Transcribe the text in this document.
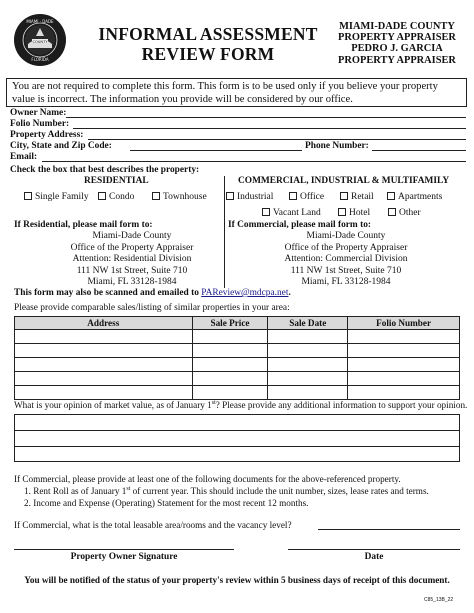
COUNTY
MIAMI · DADE
FLORIDA
INFORMAL ASSESSMENT
REVIEW FORM
MIAMI-DADE COUNTY
PROPERTY APPRAISER
PEDRO J. GARCIA
PROPERTY APPRAISER
You are not required to complete this form. This form is to be used only if you believe your property value is incorrect. The information you provide will be considered by our office.
Owner Name:
Folio Number:
Property Address:
City, State and Zip Code:	Phone Number:
Email:
Check the box that best describes the property:
RESIDENTIAL	COMMERCIAL, INDUSTRIAL & MULTIFAMILY
Single Family	Condo	Townhouse	Industrial	Office	Retail	Apartments
Vacant Land	Hotel	Other
If Residential, please mail form to:
Miami-Dade County
Office of the Property Appraiser
Attention: Residential Division
111 NW 1st Street, Suite 710
Miami, FL 33128-1984
If Commercial, please mail form to:
Miami-Dade County
Office of the Property Appraiser
Attention: Commercial Division
111 NW 1st Street, Suite 710
Miami, FL 33128-1984
This form may also be scanned and emailed to PAReview@mdcpa.net.
Please provide comparable sales/listing of similar properties in your area:
Address	Sale Price	Sale Date	Folio Number

What is your opinion of market value, as of January 1st? Please provide any additional information to support your opinion.
If Commercial, please provide at least one of the following documents for the above-referenced property.
1. Rent Roll as of January 1st of current year. This should include the unit number, sizes, lease rates and terms.
2. Income and Expense (Operating) Statement for the most recent 12 months.
If Commercial, what is the total leasable area/rooms and the vacancy level?
Property Owner Signature	Date
You will be notified of the status of your property's review within 5 business days of receipt of this document.
C85_13B_22
